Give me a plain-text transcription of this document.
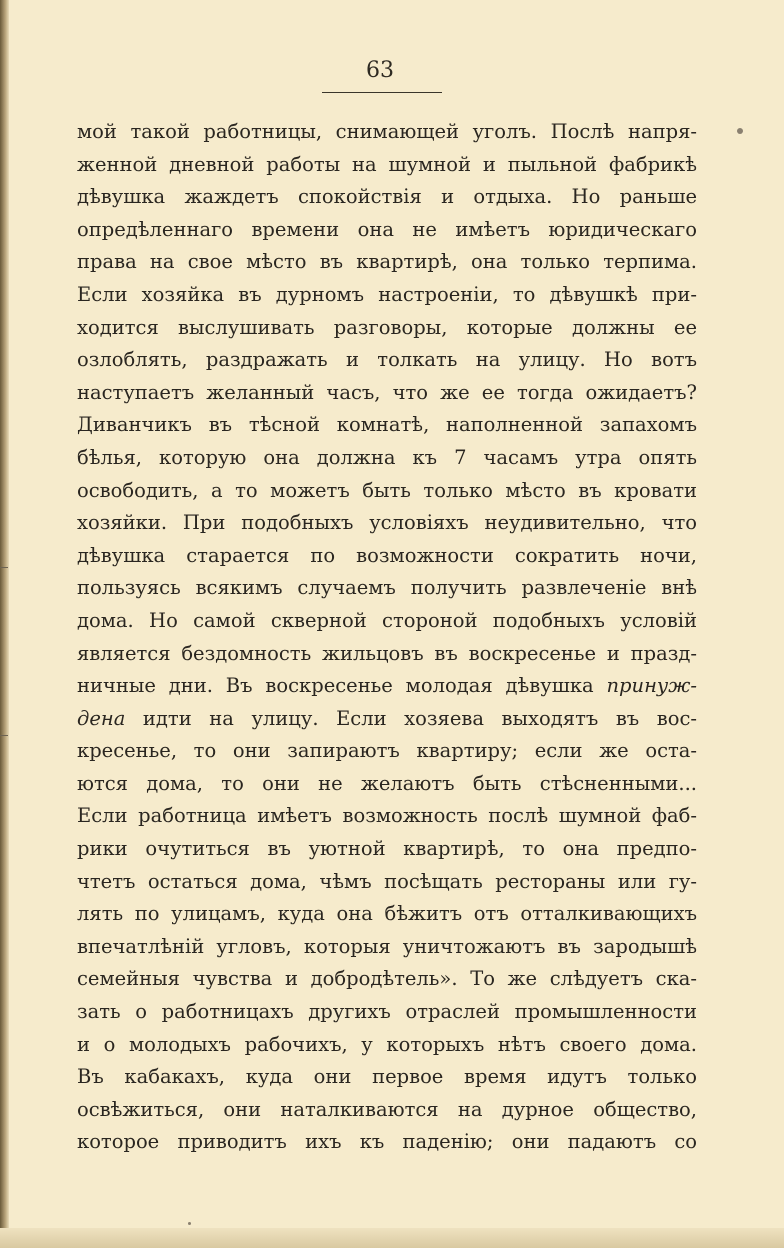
63
мой такой работницы, снимающей уголъ. Послѣ напря-
женной дневной работы на шумной и пыльной фабрикѣ
дѣвушка жаждетъ спокойствія и отдыха. Но раньше
опредѣленнаго времени она не имѣетъ юридическаго
права на свое мѣсто въ квартирѣ, она только терпима.
Если хозяйка въ дурномъ настроеніи, то дѣвушкѣ при-
ходится выслушивать разговоры, которые должны ее
озлоблять, раздражать и толкать на улицу. Но вотъ
наступаетъ желанный часъ, что же ее тогда ожидаетъ?
Диванчикъ въ тѣсной комнатѣ, наполненной запахомъ
бѣлья, которую она должна къ 7 часамъ утра опять
освободить, а то можетъ быть только мѣсто въ кровати
хозяйки. При подобныхъ условіяхъ неудивительно, что
дѣвушка старается по возможности сократить ночи,
пользуясь всякимъ случаемъ получить развлеченіе внѣ
дома. Но самой скверной стороной подобныхъ условій
является бездомность жильцовъ въ воскресенье и празд-
ничные дни. Въ воскресенье молодая дѣвушка принуж-
дена идти на улицу. Если хозяева выходятъ въ вос-
кресенье, то они запираютъ квартиру; если же оста-
ются дома, то они не желаютъ быть стѣсненными...
Если работница имѣетъ возможность послѣ шумной фаб-
рики очутиться въ уютной квартирѣ, то она предпо-
чтетъ остаться дома, чѣмъ посѣщать рестораны или гу-
лять по улицамъ, куда она бѣжитъ отъ отталкивающихъ
впечатлѣній угловъ, которыя уничтожаютъ въ зародышѣ
семейныя чувства и добродѣтель». То же слѣдуетъ ска-
зать о работницахъ другихъ отраслей промышленности
и о молодыхъ рабочихъ, у которыхъ нѣтъ своего дома.
Въ кабакахъ, куда они первое время идутъ только
освѣжиться, они наталкиваются на дурное общество,
которое приводитъ ихъ къ паденію; они падаютъ со
